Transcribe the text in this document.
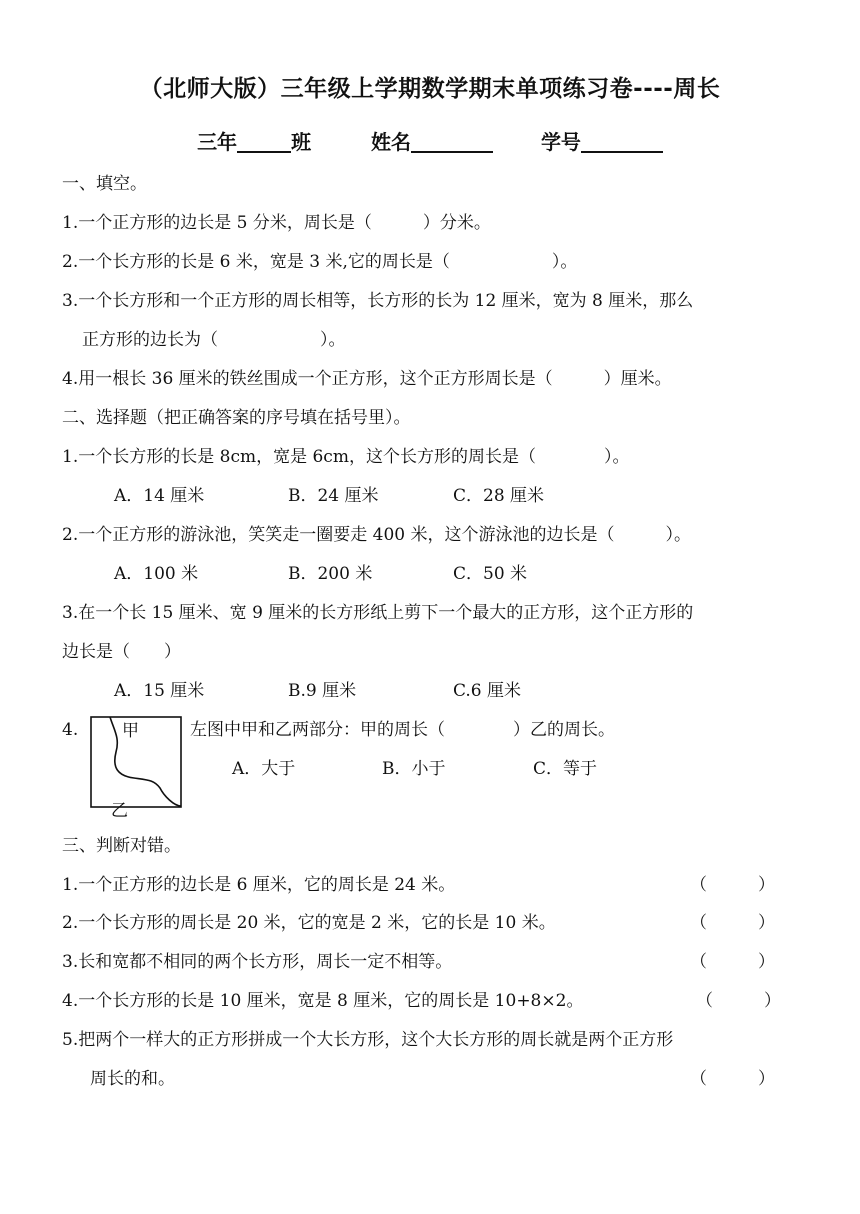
（北师大版）三年级上学期数学期末单项练习卷----周长
三年	班	姓名	学号
一、填空。
1.一个正方形的边长是 5 分米，周长是（　　　）分米。
2.一个长方形的长是 6 米，宽是 3 米,它的周长是（　　　　　　）。
3.一个长方形和一个正方形的周长相等，长方形的长为 12 厘米，宽为 8 厘米，那么
正方形的边长为（　　　　　　）。
4.用一根长 36 厘米的铁丝围成一个正方形，这个正方形周长是（　　　）厘米。
二、选择题（把正确答案的序号填在括号里）。
1.一个长方形的长是 8cm，宽是 6cm，这个长方形的周长是（　　　　）。
A．14 厘米	B．24 厘米	C．28 厘米
2.一个正方形的游泳池，笑笑走一圈要走 400 米，这个游泳池的边长是（　　　）。
A．100 米	B．200 米	C．50 米
3.在一个长 15 厘米、宽 9 厘米的长方形纸上剪下一个最大的正方形，这个正方形的
边长是（　　）
A．15 厘米	B.9 厘米	C.6 厘米
4.	甲
乙
左图中甲和乙两部分：甲的周长（　　　　）乙的周长。
A．大于	B．小于	C．等于
三、判断对错。
1.一个正方形的边长是 6 厘米，它的周长是 24 米。	（　　　）
2.一个长方形的周长是 20 米，它的宽是 2 米，它的长是 10 米。	（　　　）
3.长和宽都不相同的两个长方形，周长一定不相等。	（　　　）
4.一个长方形的长是 10 厘米，宽是 8 厘米，它的周长是 10+8×2。	（　　　）
5.把两个一样大的正方形拼成一个大长方形，这个大长方形的周长就是两个正方形
周长的和。	（　　　）
